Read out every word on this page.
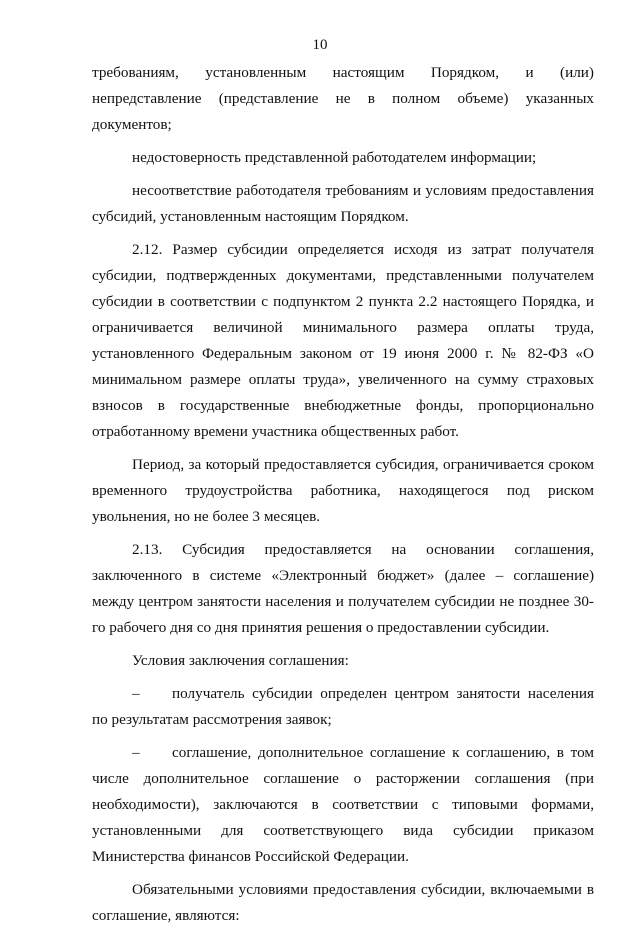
10

требованиям, установленным настоящим Порядком, и (или) непредставление (представление не в полном объеме) указанных документов;

недостоверность представленной работодателем информации;

несоответствие работодателя требованиям и условиям предоставления субсидий, установленным настоящим Порядком.

2.12. Размер субсидии определяется исходя из затрат получателя субсидии, подтвержденных документами, представленными получателем субсидии в соответствии с подпунктом 2 пункта 2.2 настоящего Порядка, и ограничивается величиной минимального размера оплаты труда, установленного Федеральным законом от 19 июня 2000 г. № 82-ФЗ «О минимальном размере оплаты труда», увеличенного на сумму страховых взносов в государственные внебюджетные фонды, пропорционально отработанному времени участника общественных работ.

Период, за который предоставляется субсидия, ограничивается сроком временного трудоустройства работника, находящегося под риском увольнения, но не более 3 месяцев.

2.13. Субсидия предоставляется на основании соглашения, заключенного в системе «Электронный бюджет» (далее – соглашение) между центром занятости населения и получателем субсидии не позднее 30-го рабочего дня со дня принятия решения о предоставлении субсидии.

Условия заключения соглашения:

– получатель субсидии определен центром занятости населения по результатам рассмотрения заявок;

– соглашение, дополнительное соглашение к соглашению, в том числе дополнительное соглашение о расторжении соглашения (при необходимости), заключаются в соответствии с типовыми формами, установленными для соответствующего вида субсидии приказом Министерства финансов Российской Федерации.

Обязательными условиями предоставления субсидии, включаемыми в соглашение, являются:
